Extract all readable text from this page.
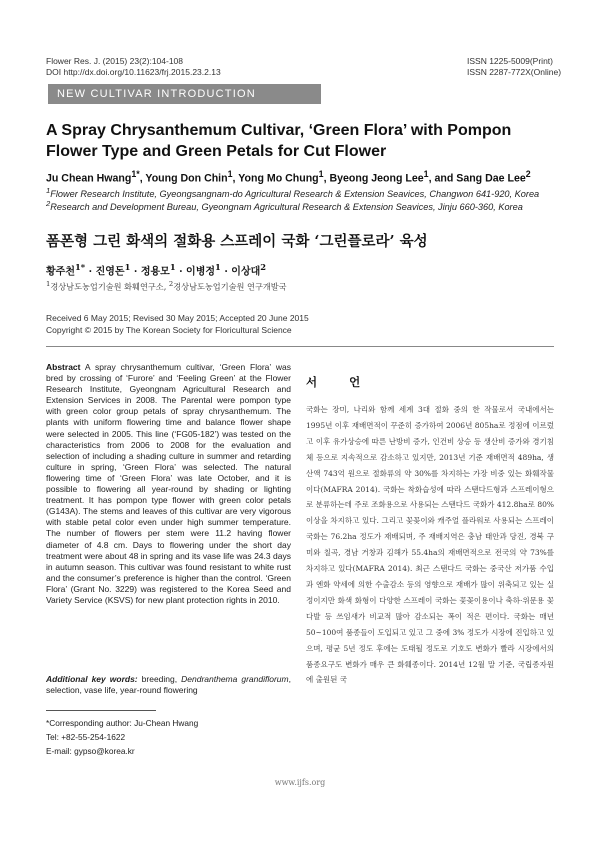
Flower Res. J. (2015) 23(2):104-108
DOI http://dx.doi.org/10.11623/frj.2015.23.2.13
ISSN 1225-5009(Print)
ISSN 2287-772X(Online)
NEW CULTIVAR INTRODUCTION
A Spray Chrysanthemum Cultivar, ‘Green Flora’ with Pompon Flower Type and Green Petals for Cut Flower
Ju Chean Hwang$^{1*}$, Young Don Chin$^1$, Yong Mo Chung$^1$, Byeong Jeong Lee$^1$, and Sang Dae Lee$^2$
$^1$Flower Research Institute, Gyeongsangnam-do Agricultural Research & Extension Seavices, Changwon 641-920, Korea
$^2$Research and Development Bureau, Gyeongnam Agricultural Research & Extension Seavices, Jinju 660-360, Korea
폼폰형 그린 화색의 절화용 스프레이 국화 ‘그린플로라’ 육성
황주천$^{1*}$ · 진영돈$^1$ · 정용모$^1$ · 이병정$^1$ · 이상대$^2$
$^1$경상남도농업기술원 화훼연구소, $^2$경상남도농업기술원 연구개발국
Received 6 May 2015; Revised 30 May 2015; Accepted 20 June 2015
Copyright © 2015 by The Korean Society for Floricultural Science
Abstract A spray chrysanthemum cultivar, ‘Green Flora’ was bred by crossing of ‘Furore’ and ‘Feeling Green’ at the Flower Research Institute, Gyeongnam Agricultural Research and Extension Services in 2008. The Parental were pompon type with green color group petals of spray chrysanthemum. The plants with uniform flowering time and balance flower shape were selected in 2005. This line (‘FG05-182’) was tested on the characteristics from 2006 to 2008 for the evaluation and selection of including a shading culture in summer and retarding culture in spring, ‘Green Flora’ was selected. The natural flowering time of ‘Green Flora’ was late October, and it is possible to flowering all year-round by shading or lighting treatment. It has pompon type flower with green color petals (G143A). The stems and leaves of this cultivar are very vigorous with stable petal color even under high summer temperature. The number of flowers per stem were 11.2 having flower diameter of 4.8 cm. Days to flowering under the short day treatment were about 48 in spring and its vase life was 24.3 days in autumn season. This cultivar was found resistant to white rust and the consumer’s preference is higher than the control. ‘Green Flora’ (Grant No. 3229) was registered to the Korea Seed and Variety Service (KSVS) for new plant protection rights in 2010.
Additional key words: breeding, Dendranthema grandiflorum, selection, vase life, year-round flowering
*Corresponding author: Ju-Chean Hwang
Tel: +82-55-254-1622
E-mail: gypso@korea.kr
서 언
국화는 장미, 나리와 함께 세계 3대 절화 중의 한 작물로서 국내에서는 1995년 이후 재배면적이 꾸준히 증가하여 2006년 805ha로 정점에 이르렀고 이후 유가상승에 따른 난방비 증가, 인건비 상승 등 생산비 증가와 경기침체 등으로 지속적으로 감소하고 있지만, 2013년 기준 재배면적 489ha, 생산액 743억 원으로 절화류의 약 30%를 차지하는 가장 비중 있는 화훼작물이다(MAFRA 2014). 국화는 착화습성에 따라 스탠다드형과 스프레이형으로 분류하는데 주로 조화용으로 사용되는 스탠다드 국화가 412.8ha로 80% 이상을 차지하고 있다. 그리고 꽃꽂이와 캐주얼 플라워로 사용되는 스프레이 국화는 76.2ha 정도가 재배되며, 주 재배지역은 충남 태안과 당진, 경북 구미와 칠곡, 경남 거창과 김해가 55.4ha의 재배면적으로 전국의 약 73%를 차지하고 있다(MAFRA 2014). 최근 스탠다드 국화는 중국산 저가품 수입과 엔화 약세에 의한 수출감소 등의 영향으로 재배가 많이 위축되고 있는 실정이지만 화색 화형이 다양한 스프레이 국화는 꽃꽂이용이나 축하·위문용 꽃다발 등 쓰임새가 비교적 많아 감소되는 폭이 적은 편이다. 국화는 매년 50~100여 품종들이 도입되고 있고 그 중에 3% 정도가 시장에 진입하고 있으며, 평균 5년 정도 후에는 도태될 정도로 기호도 변화가 빨라 시장에서의 품종요구도 변화가 매우 큰 화훼종이다. 2014년 12월 말 기준, 국립종자원에 출원된 국
www.ijfs.org
